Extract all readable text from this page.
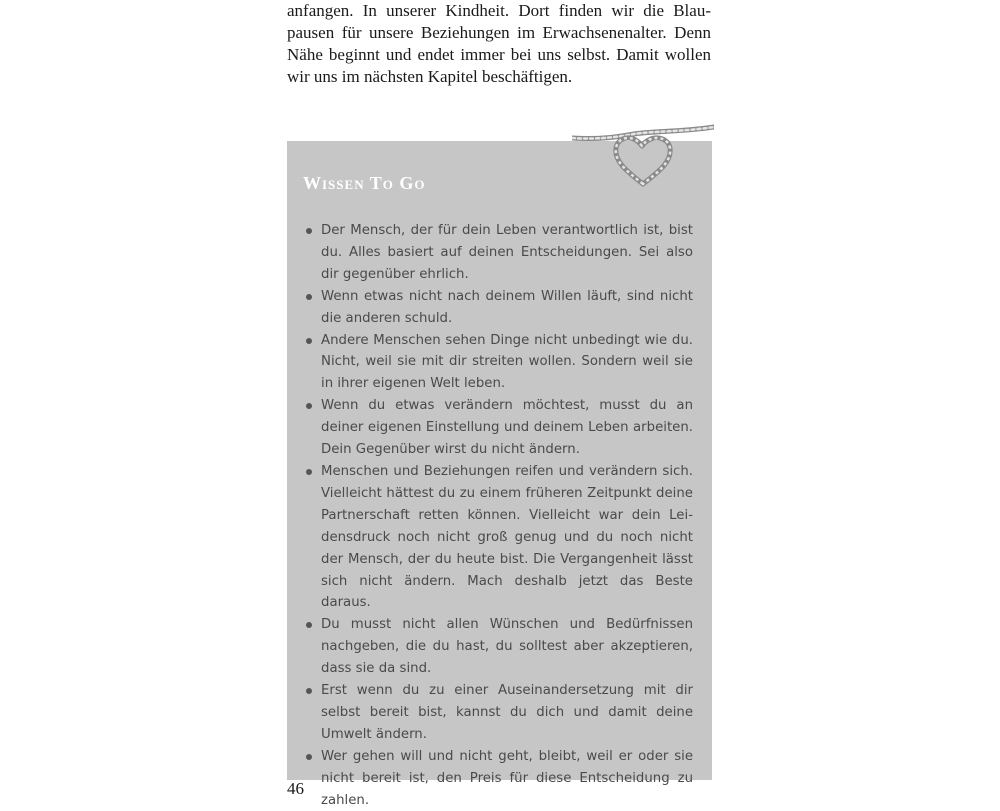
anfangen. In unserer Kindheit. Dort finden wir die Blau-
pausen für unsere Beziehungen im Erwachsenenalter. Denn
Nähe beginnt und endet immer bei uns selbst. Damit wollen
wir uns im nächsten Kapitel beschäftigen.
Wissen To Go
Der Mensch, der für dein Leben verantwortlich ist, bist du. Alles basiert auf deinen Entscheidungen. Sei also dir gegenüber ehrlich.
Wenn etwas nicht nach deinem Willen läuft, sind nicht die anderen schuld.
Andere Menschen sehen Dinge nicht unbedingt wie du. Nicht, weil sie mit dir streiten wollen. Sondern weil sie in ihrer eigenen Welt leben.
Wenn du etwas verändern möchtest, musst du an deiner eigenen Einstellung und deinem Leben arbeiten. Dein Gegenüber wirst du nicht ändern.
Menschen und Beziehungen reifen und verändern sich. Vielleicht hättest du zu einem früheren Zeitpunkt deine Partnerschaft retten können. Vielleicht war dein Leidensdruck noch nicht groß genug und du noch nicht der Mensch, der du heute bist. Die Vergangenheit lässt sich nicht ändern. Mach deshalb jetzt das Beste daraus.
Du musst nicht allen Wünschen und Bedürfnissen nachgeben, die du hast, du solltest aber akzeptieren, dass sie da sind.
Erst wenn du zu einer Auseinandersetzung mit dir selbst bereit bist, kannst du dich und damit deine Umwelt ändern.
Wer gehen will und nicht geht, bleibt, weil er oder sie nicht bereit ist, den Preis für diese Entscheidung zu zahlen.
46
